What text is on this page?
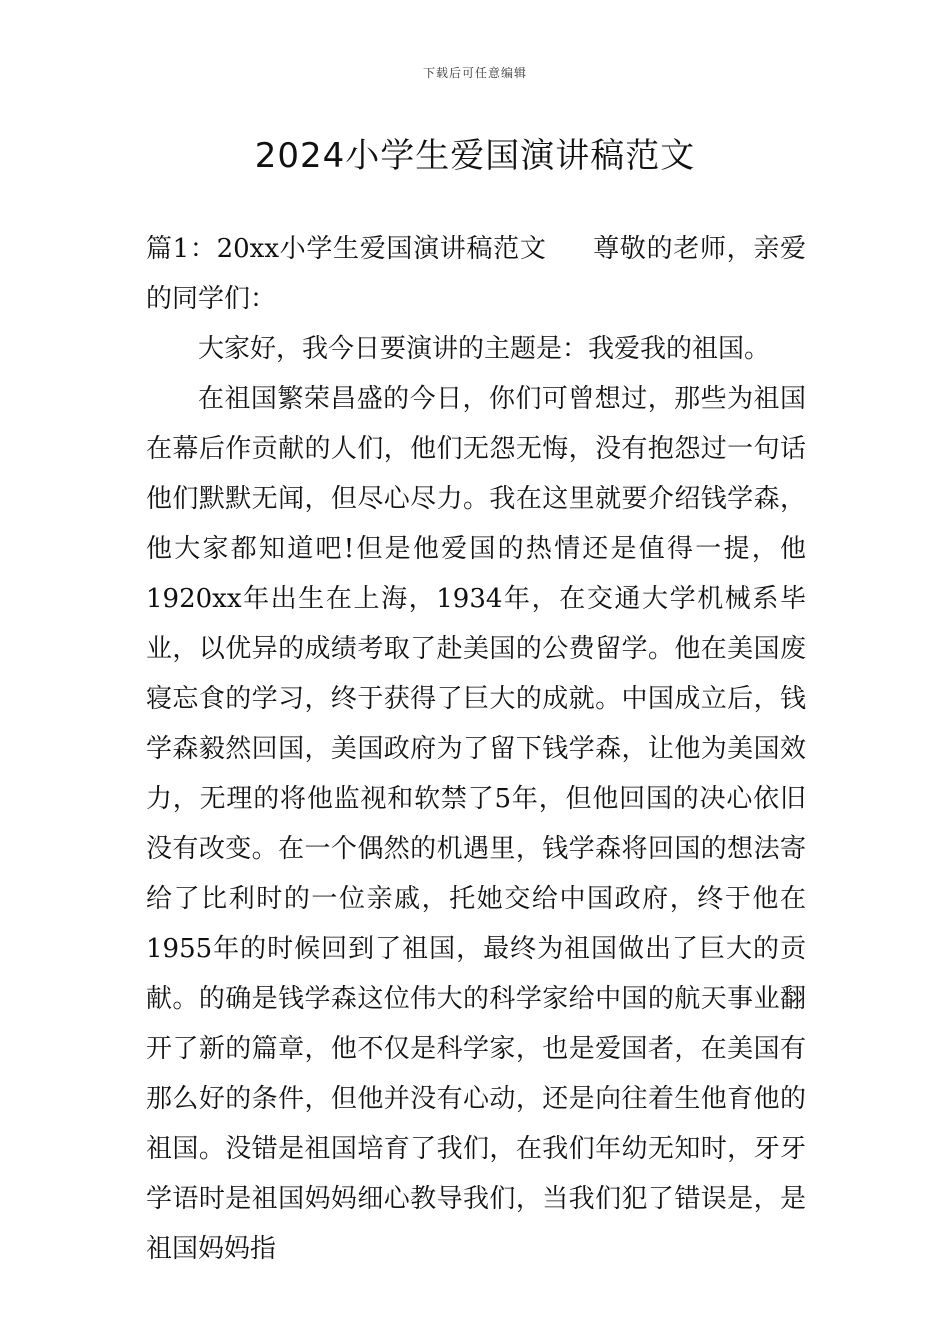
下载后可任意编辑
2024小学生爱国演讲稿范文

篇1：20xx小学生爱国演讲稿范文 尊敬的老师，亲爱的同学们：

大家好，我今日要演讲的主题是：我爱我的祖国。

在祖国繁荣昌盛的今日，你们可曾想过，那些为祖国在幕后作贡献的人们，他们无怨无悔，没有抱怨过一句话他们默默无闻，但尽心尽力。我在这里就要介绍钱学森，他大家都知道吧!但是他爱国的热情还是值得一提，他1920xx年出生在上海，1934年，在交通大学机械系毕业，以优异的成绩考取了赴美国的公费留学。他在美国废寝忘食的学习，终于获得了巨大的成就。中国成立后，钱学森毅然回国，美国政府为了留下钱学森，让他为美国效力，无理的将他监视和软禁了5年，但他回国的决心依旧没有改变。在一个偶然的机遇里，钱学森将回国的想法寄给了比利时的一位亲戚，托她交给中国政府，终于他在1955年的时候回到了祖国，最终为祖国做出了巨大的贡献。的确是钱学森这位伟大的科学家给中国的航天事业翻开了新的篇章，他不仅是科学家，也是爱国者，在美国有那么好的条件，但他并没有心动，还是向往着生他育他的祖国。没错是祖国培育了我们，在我们年幼无知时，牙牙学语时是祖国妈妈细心教导我们，当我们犯了错误是，是祖国妈妈指
